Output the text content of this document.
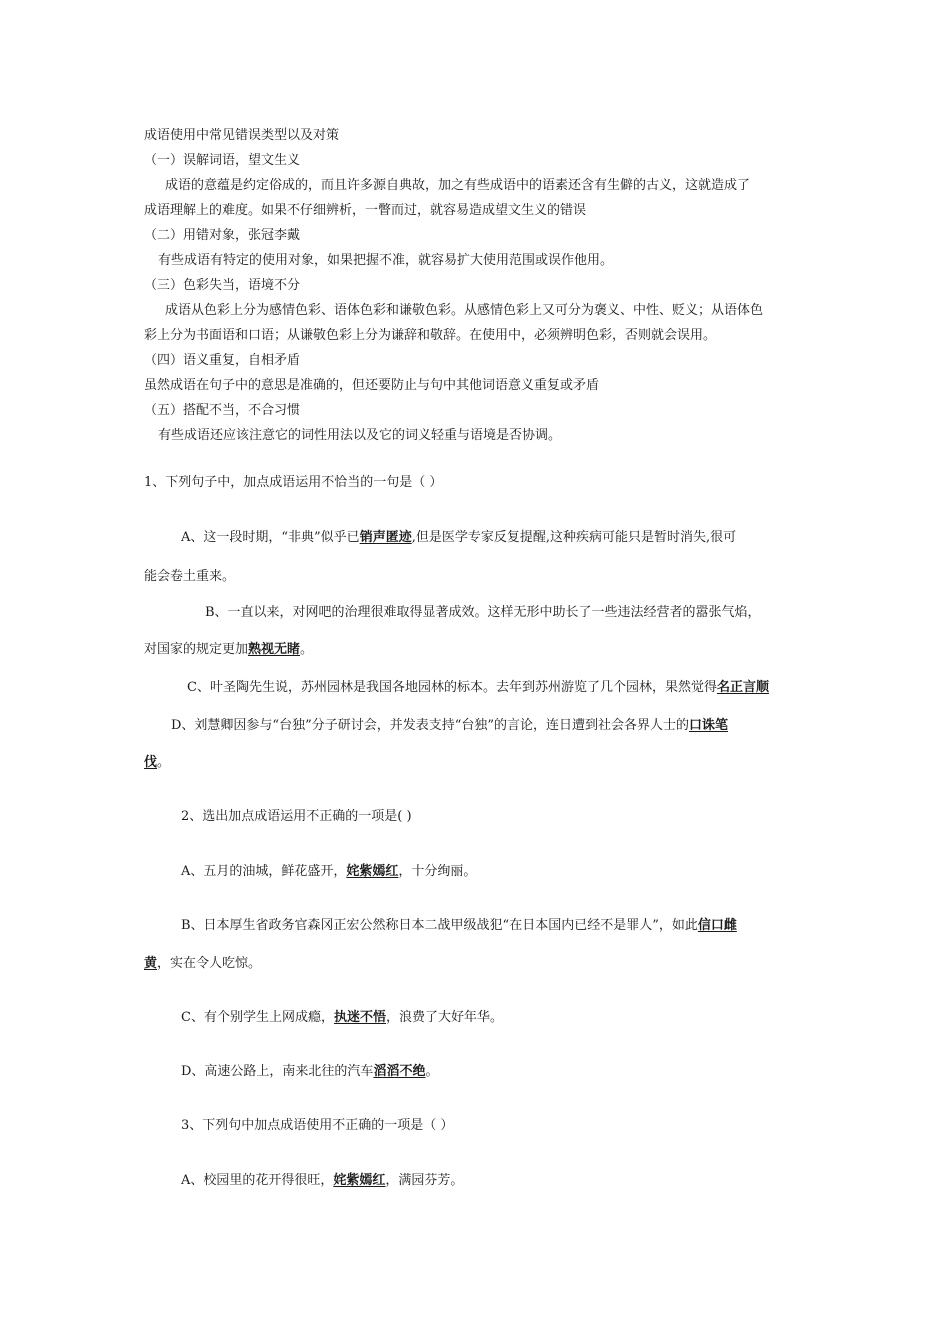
成语使用中常见错误类型以及对策
（一）误解词语，望文生义
成语的意蕴是约定俗成的，而且许多源自典故，加之有些成语中的语素还含有生僻的古义，这就造成了
成语理解上的难度。如果不仔细辨析，一瞥而过，就容易造成望文生义的错误
（二）用错对象，张冠李戴
有些成语有特定的使用对象，如果把握不准，就容易扩大使用范围或误作他用。
（三）色彩失当，语境不分
成语从色彩上分为感情色彩、语体色彩和谦敬色彩。从感情色彩上又可分为褒义、中性、贬义；从语体色
彩上分为书面语和口语；从谦敬色彩上分为谦辞和敬辞。在使用中，必须辨明色彩，否则就会误用。
（四）语义重复，自相矛盾
虽然成语在句子中的意思是准确的，但还要防止与句中其他词语意义重复或矛盾
（五）搭配不当，不合习惯
有些成语还应该注意它的词性用法以及它的词义轻重与语境是否协调。
1、下列句子中，加点成语运用不恰当的一句是（ ）
A、这一段时期，“非典”似乎已销声匿迹,但是医学专家反复提醒,这种疾病可能只是暂时消失,很可
能会卷土重来。
B、一直以来，对网吧的治理很难取得显著成效。这样无形中助长了一些违法经营者的嚣张气焰，
对国家的规定更加熟视无睹。
C、叶圣陶先生说，苏州园林是我国各地园林的标本。去年到苏州游览了几个园林，果然觉得名正言顺
D、刘慧卿因参与“台独”分子研讨会，并发表支持“台独”的言论，连日遭到社会各界人士的口诛笔
伐。
2、选出加点成语运用不正确的一项是( )
A、五月的油城，鲜花盛开，姹紫嫣红，十分绚丽。
B、日本厚生省政务官森冈正宏公然称日本二战甲级战犯“在日本国内已经不是罪人”，如此信口雌
黄，实在令人吃惊。
C、有个别学生上网成瘾，执迷不悟，浪费了大好年华。
D、高速公路上，南来北往的汽车滔滔不绝。
3、下列句中加点成语使用不正确的一项是（ ）
A、校园里的花开得很旺，姹紫嫣红，满园芬芳。
